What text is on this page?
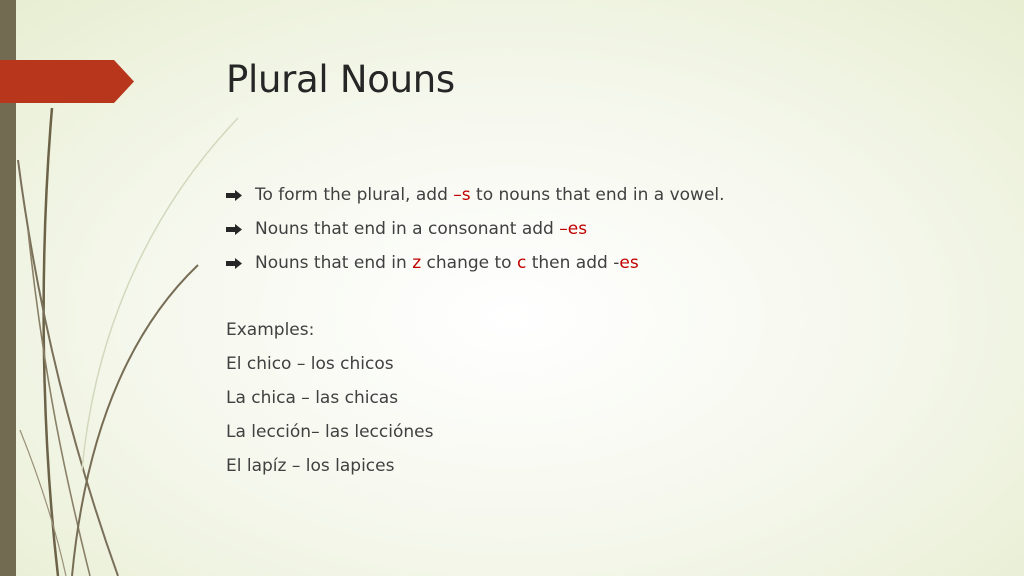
Plural Nouns
To form the plural, add –s to nouns that end in a vowel.
Nouns that end in a consonant add –es
Nouns that end in z change to c then add -es
Examples:
El chico – los chicos
La chica – las chicas
La lección– las lecciónes
El lapíz – los lapices
